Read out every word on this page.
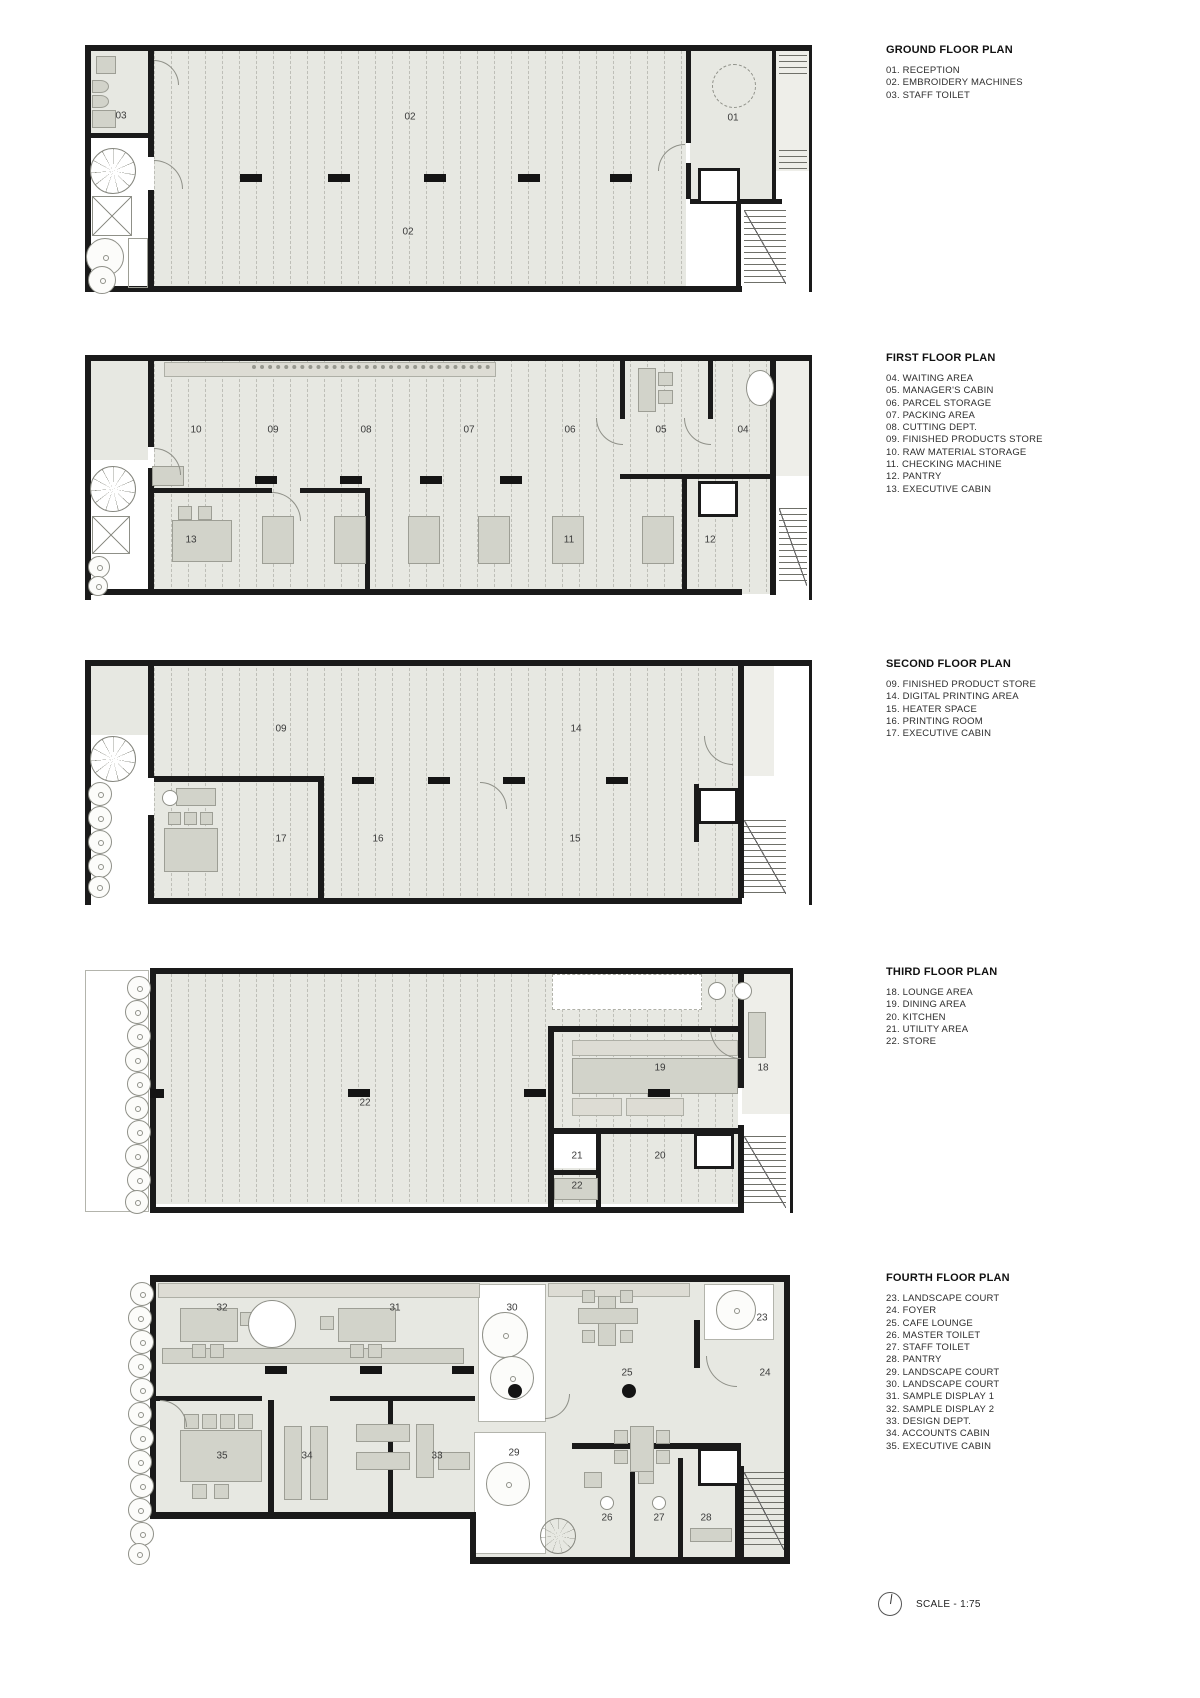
03	02
02
01
10	09	08	07	06	05	04
13	11	12
09	14
17	16	15
22
19	18
21	20
22
32	31	30
23
25	24
35	34	33	29
26	27	28
GROUND FLOOR PLAN
01. RECEPTION
02. EMBROIDERY MACHINES
03. STAFF TOILET
FIRST FLOOR PLAN
04. WAITING AREA
05. MANAGER'S CABIN
06. PARCEL STORAGE
07. PACKING AREA
08. CUTTING DEPT.
09. FINISHED PRODUCTS STORE
10. RAW MATERIAL STORAGE
11. CHECKING MACHINE
12. PANTRY
13. EXECUTIVE CABIN
SECOND FLOOR PLAN
09. FINISHED PRODUCT STORE
14. DIGITAL PRINTING AREA
15. HEATER SPACE
16. PRINTING ROOM
17. EXECUTIVE CABIN
THIRD FLOOR PLAN
18. LOUNGE AREA
19. DINING AREA
20. KITCHEN
21. UTILITY AREA
22. STORE
FOURTH FLOOR PLAN
23. LANDSCAPE COURT
24. FOYER
25. CAFE LOUNGE
26. MASTER TOILET
27. STAFF TOILET
28. PANTRY
29. LANDSCAPE COURT
30. LANDSCAPE COURT
31. SAMPLE DISPLAY 1
32. SAMPLE DISPLAY 2
33. DESIGN DEPT.
34. ACCOUNTS CABIN
35. EXECUTIVE CABIN
SCALE - 1:75
